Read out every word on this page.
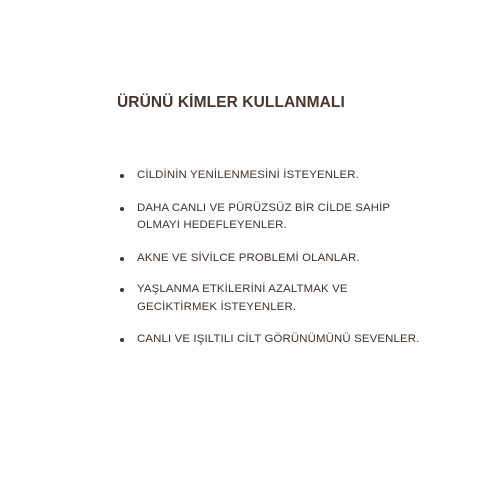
ÜRÜNÜ KİMLER KULLANMALI
CİLDİNİN YENİLENMESİNİ İSTEYENLER.
DAHA CANLI VE PÜRÜZSÜZ BİR CİLDE SAHİP
OLMAYI HEDEFLEYENLER.
AKNE VE SİVİLCE PROBLEMİ OLANLAR.
YAŞLANMA ETKİLERİNİ AZALTMAK VE
GECİKTİRMEK İSTEYENLER.
CANLI VE IŞILTILI CİLT GÖRÜNÜMÜNÜ SEVENLER.
